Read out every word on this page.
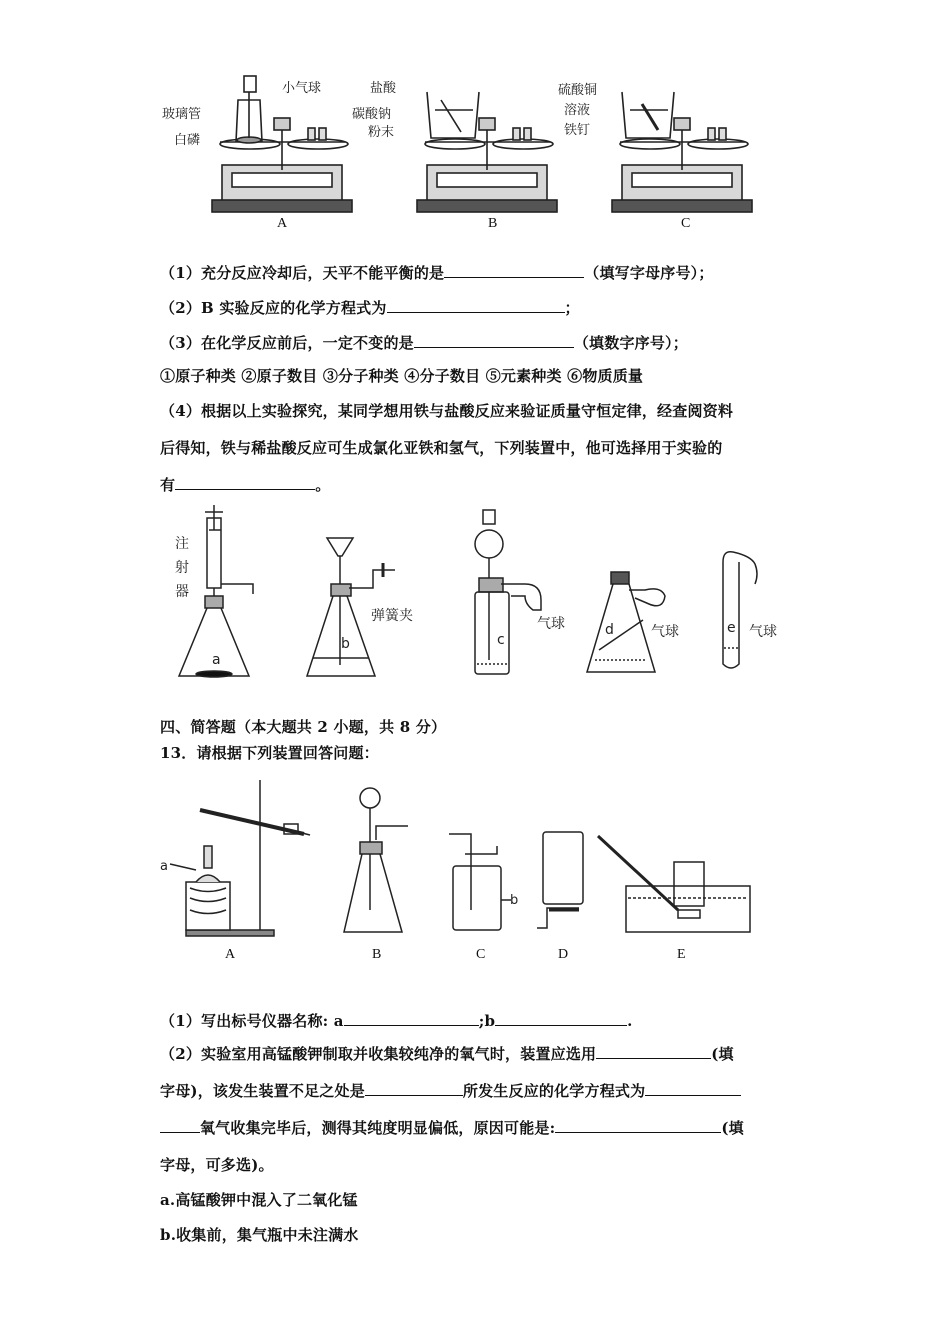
玻璃管
白磷
小气球	盐酸
碳酸钠
粉末
硫酸铜
溶液
铁钉
A	B	C
（1）充分反应冷却后，天平不能平衡的是	（填写字母序号）；
（2）B 实验反应的化学方程式为	；
（3）在化学反应前后，一定不变的是	（填数字序号）；
①原子种类 ②原子数目 ③分子种类 ④分子数目 ⑤元素种类 ⑥物质质量
（4）根据以上实验探究，某同学想用铁与盐酸反应来验证质量守恒定律，经查阅资料
后得知，铁与稀盐酸反应可生成氯化亚铁和氢气，下列装置中，他可选择用于实验的
有	。
注
射
器
a
b
弹簧夹
c
气球	d	气球	e 气球
四、简答题（本大题共 2 小题，共 8 分）
13．请根据下列装置回答问题：
a
b
A	B	C	D	E
（1）写出标号仪器名称: a	;b	.
（2）实验室用高锰酸钾制取并收集较纯净的氧气时，装置应选用	(填
字母)，该发生装置不足之处是	所发生反应的化学方程式为
氧气收集完毕后，测得其纯度明显偏低，原因可能是:	(填
字母，可多选)。
a.高锰酸钾中混入了二氧化锰
b.收集前，集气瓶中未注满水
